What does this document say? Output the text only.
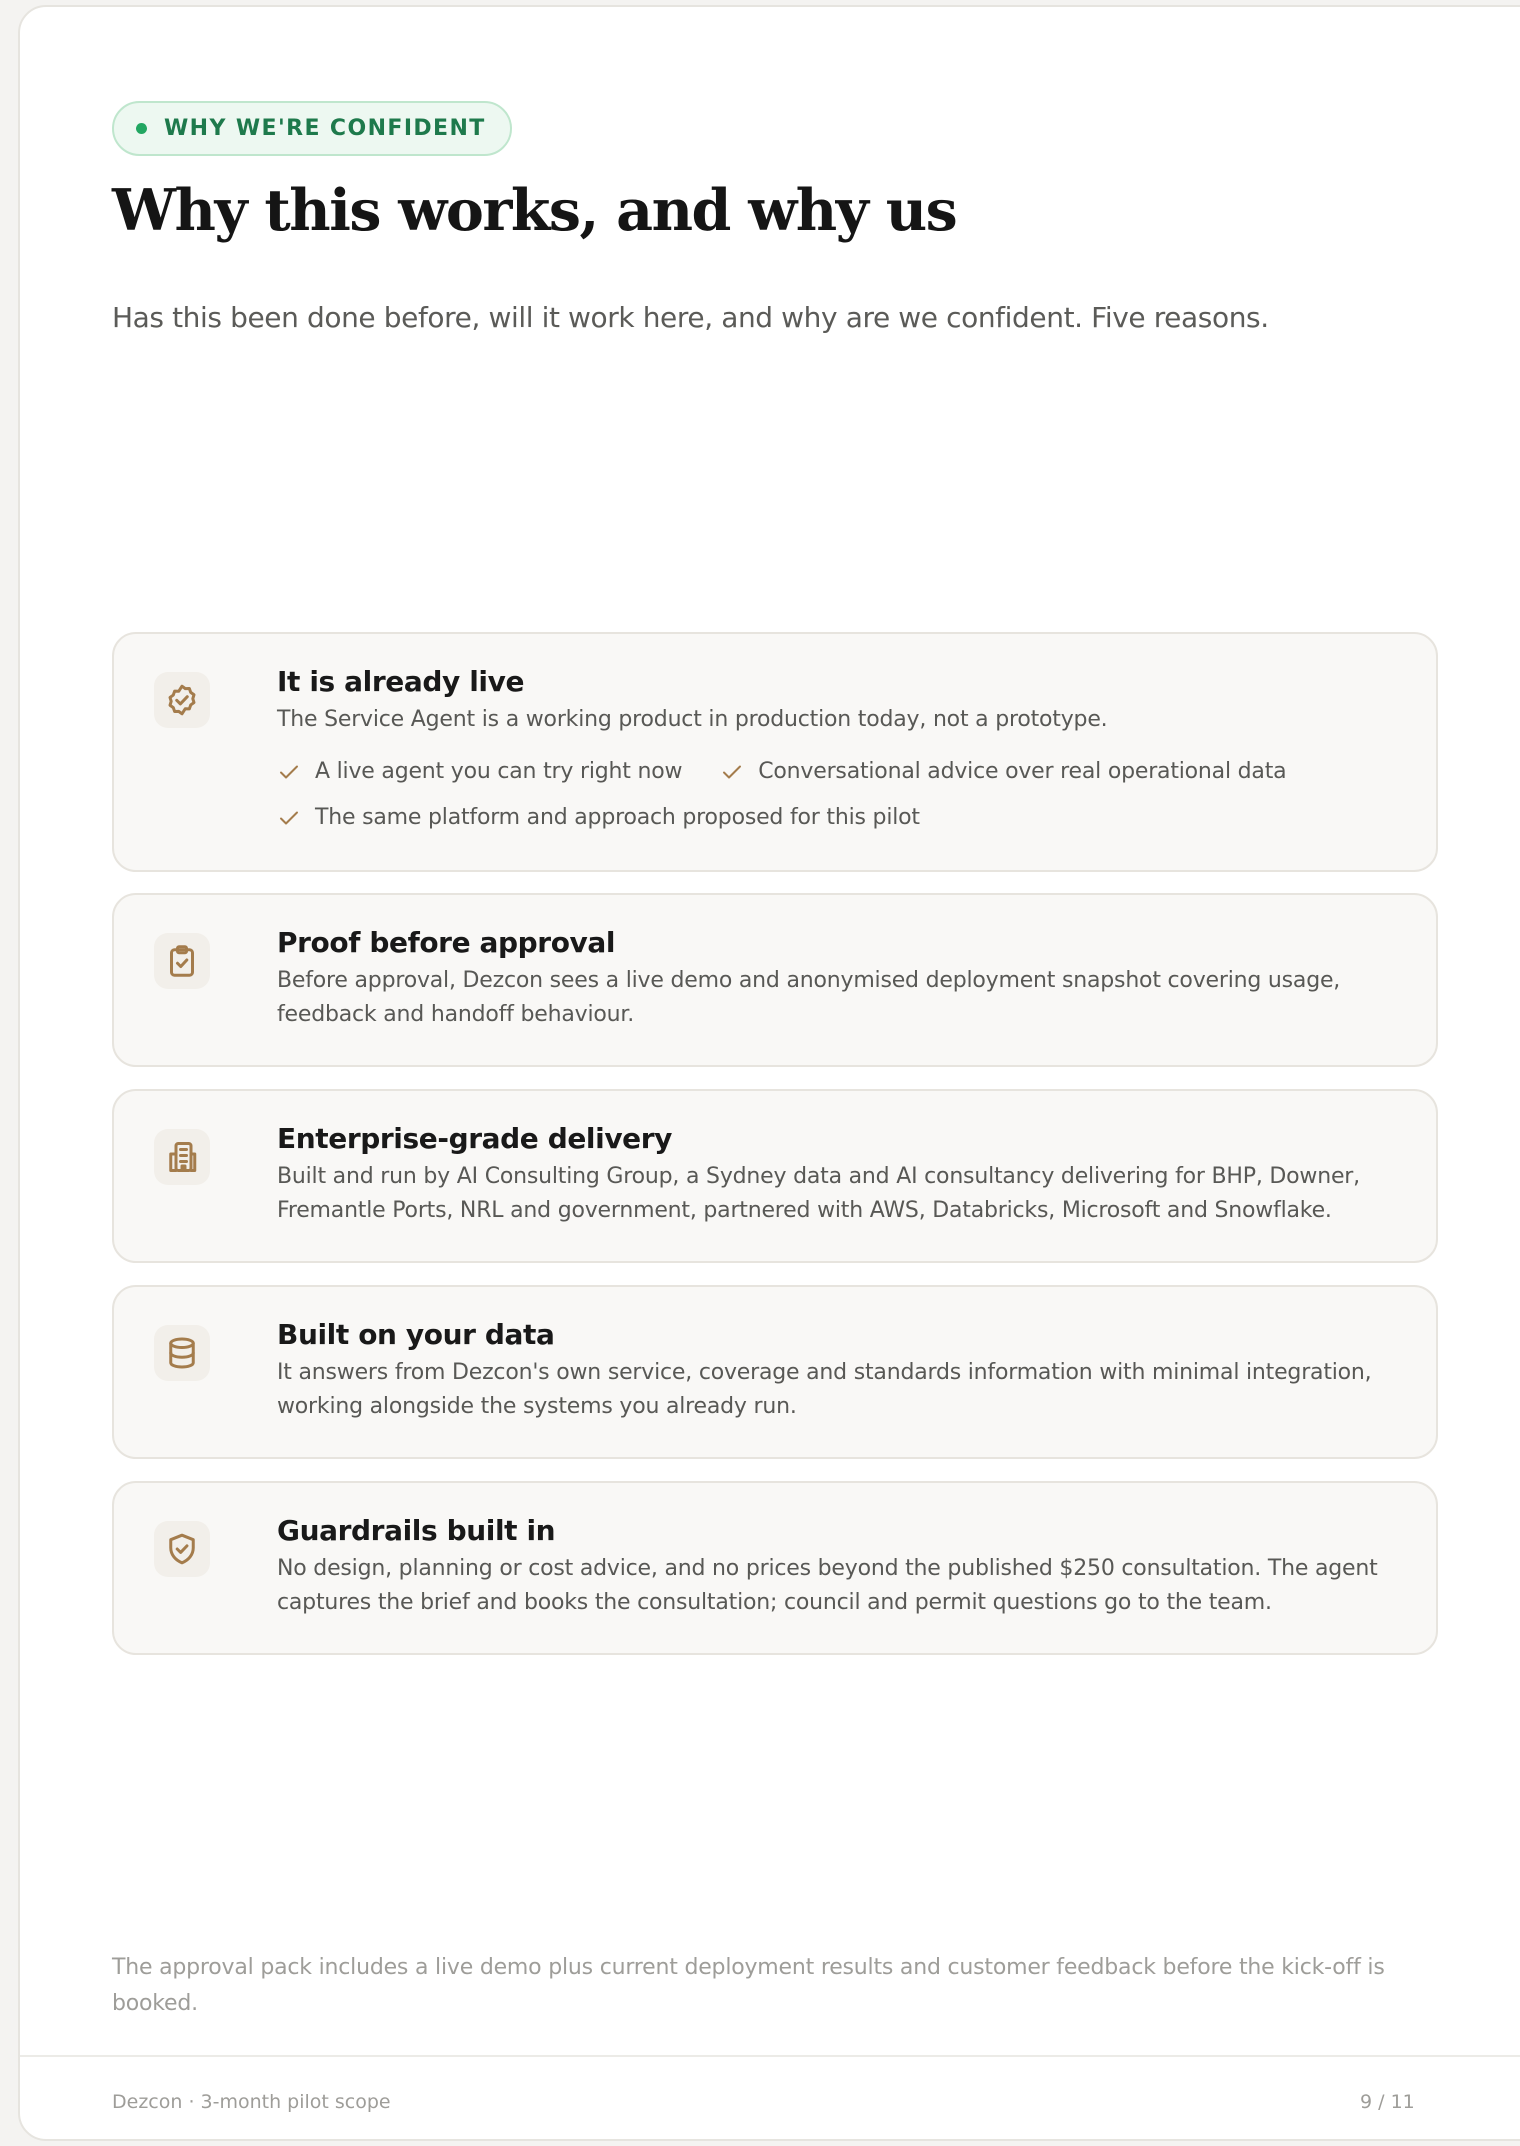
WHY WE'RE CONFIDENT
Why this works, and why us

Has this been done before, will it work here, and why are we confident. Five reasons.

It is already live
The Service Agent is a working product in production today, not a prototype.
A live agent you can try right now	Conversational advice over real operational data
The same platform and approach proposed for this pilot
Proof before approval
Before approval, Dezcon sees a live demo and anonymised deployment snapshot covering usage, feedback and handoff behaviour.
Enterprise-grade delivery
Built and run by AI Consulting Group, a Sydney data and AI consultancy delivering for BHP, Downer, Fremantle Ports, NRL and government, partnered with AWS, Databricks, Microsoft and Snowflake.
Built on your data
It answers from Dezcon's own service, coverage and standards information with minimal integration, working alongside the systems you already run.
Guardrails built in
No design, planning or cost advice, and no prices beyond the published $250 consultation. The agent captures the brief and books the consultation; council and permit questions go to the team.

The approval pack includes a live demo plus current deployment results and customer feedback before the kick-off is booked.

Dezcon · 3-month pilot scope	9 / 11
